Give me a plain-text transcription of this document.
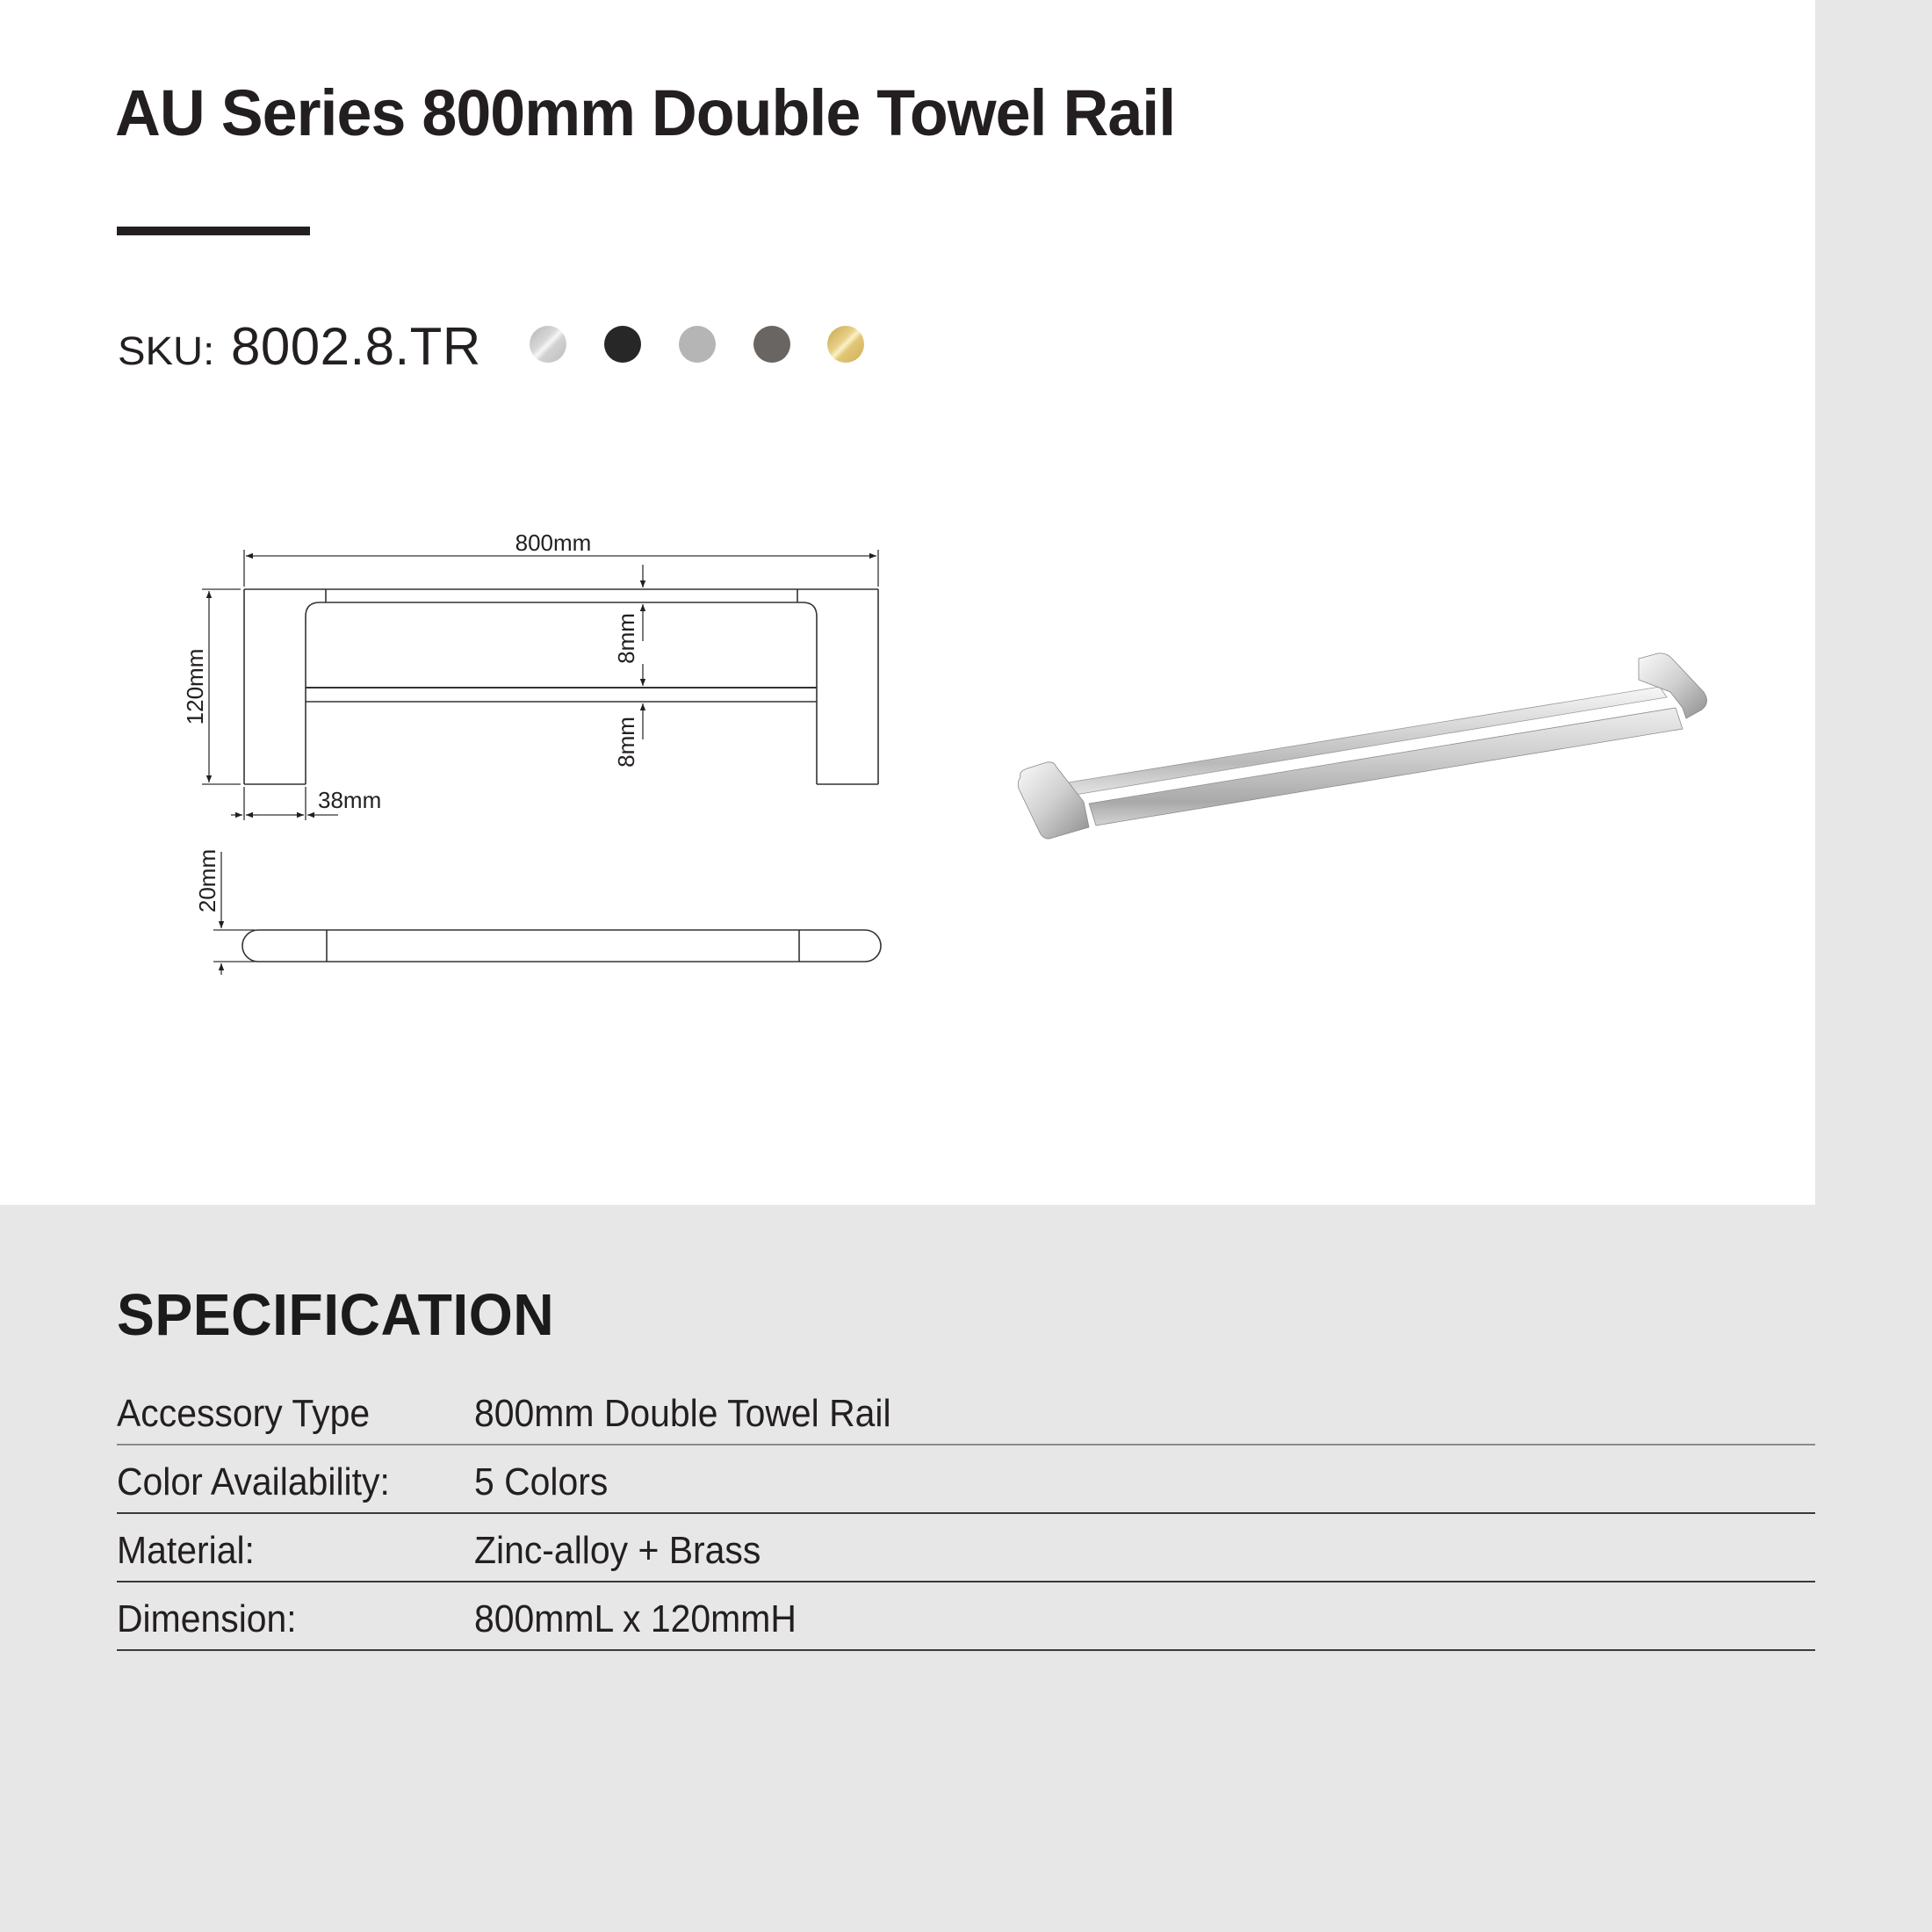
AU Series 800mm Double Towel Rail
SKU: 8002.8.TR
800mm
120mm
8mm
8mm
38mm
20mm
SPECIFICATION
Accessory Type	800mm Double Towel Rail
Color Availability: 5 Colors
Material:	Zinc-alloy + Brass
Dimension:	800mmL x 120mmH
